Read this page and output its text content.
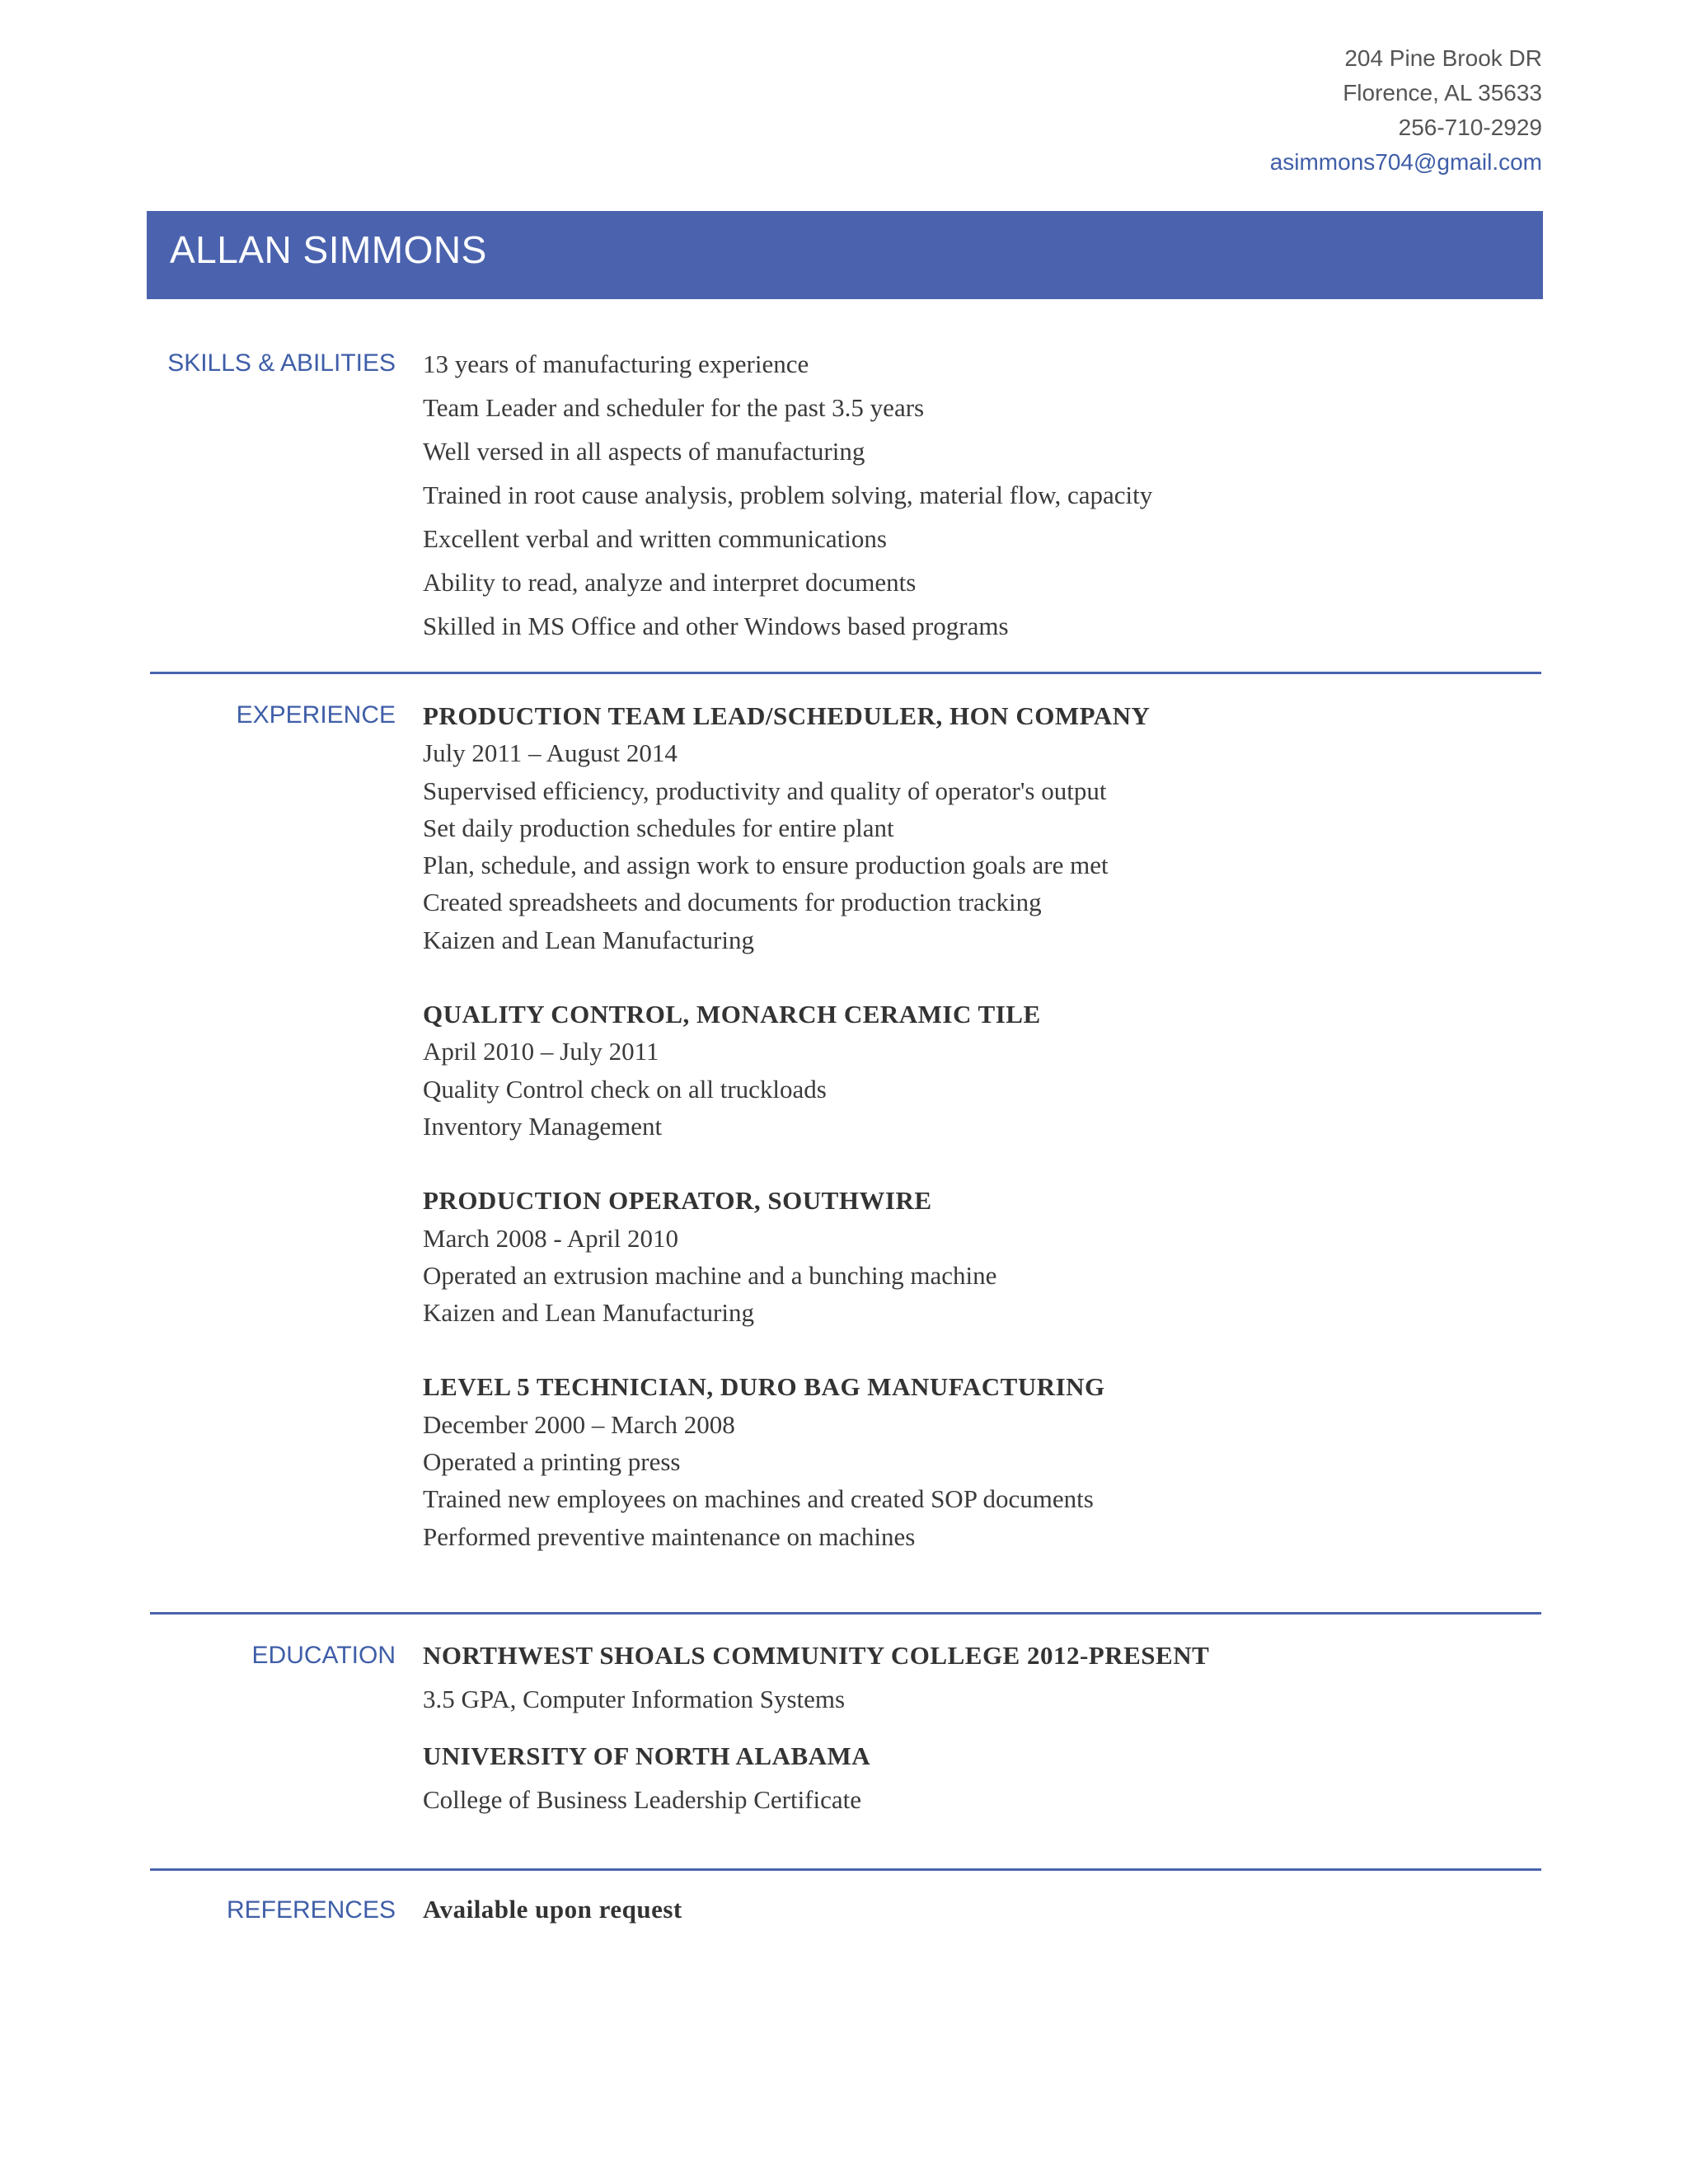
204 Pine Brook DR
Florence, AL 35633
256-710-2929
asimmons704@gmail.com
ALLAN SIMMONS
SKILLS & ABILITIES 13 years of manufacturing experience
Team Leader and scheduler for the past 3.5 years
Well versed in all aspects of manufacturing
Trained in root cause analysis, problem solving, material flow, capacity
Excellent verbal and written communications
Ability to read, analyze and interpret documents
Skilled in MS Office and other Windows based programs
EXPERIENCE PRODUCTION TEAM LEAD/SCHEDULER, HON COMPANY
July 2011 – August 2014
Supervised efficiency, productivity and quality of operator's output
Set daily production schedules for entire plant
Plan, schedule, and assign work to ensure production goals are met
Created spreadsheets and documents for production tracking
Kaizen and Lean Manufacturing
QUALITY CONTROL, MONARCH CERAMIC TILE
April 2010 – July 2011
Quality Control check on all truckloads
Inventory Management
PRODUCTION OPERATOR, SOUTHWIRE
March 2008 - April 2010
Operated an extrusion machine and a bunching machine
Kaizen and Lean Manufacturing
LEVEL 5 TECHNICIAN, DURO BAG MANUFACTURING
December 2000 – March 2008
Operated a printing press
Trained new employees on machines and created SOP documents
Performed preventive maintenance on machines
EDUCATION NORTHWEST SHOALS COMMUNITY COLLEGE 2012-PRESENT
3.5 GPA, Computer Information Systems
UNIVERSITY OF NORTH ALABAMA
College of Business Leadership Certificate
REFERENCES Available upon request
